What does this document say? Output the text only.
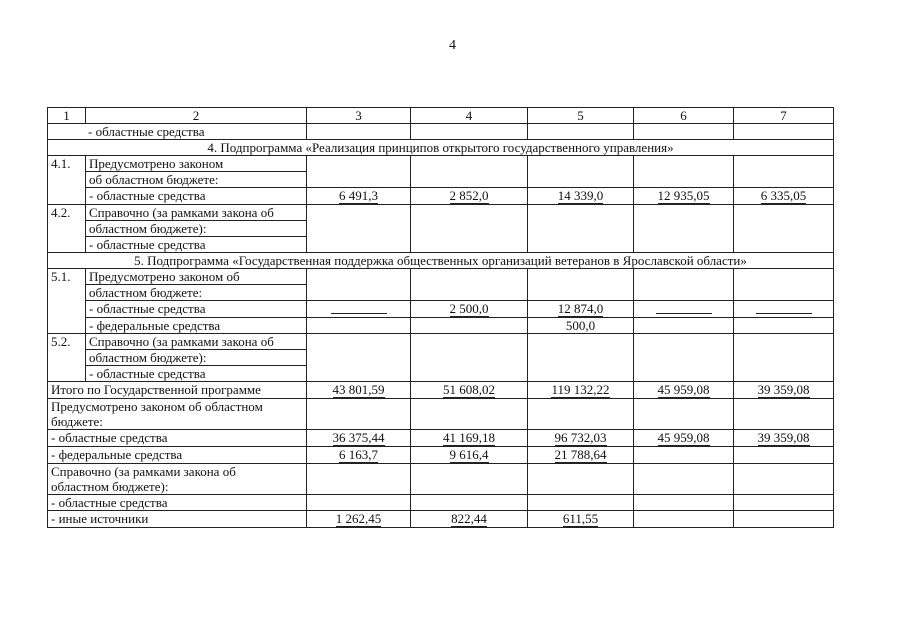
4
1	2	3	4	5	6	7
- областные средства						
4. Подпрограмма «Реализация принципов открытого государственного управления»						
4.1.	Предусмотрено законом					
	об областном бюджете:					
	- областные средства	6 491,3	2 852,0	14 339,0	12 935,05	6 335,05
4.2.	Справочно (за рамками закона об					
	областном бюджете):					
	- областные средства					
5. Подпрограмма «Государственная поддержка общественных организаций ветеранов в Ярославской области»						
5.1.	Предусмотрено законом об					
	областном бюджете:					
	- областные средства		2 500,0	12 874,0		
	- федеральные средства			500,0		
5.2.	Справочно (за рамками закона об					
	областном бюджете):					
	- областные средства					
Итого по Государственной программе		43 801,59	51 608,02	119 132,22	45 959,08	39 359,08

Предусмотрено законом об областном
бюджете:						

- областные средства		36 375,44	41 169,18	96 732,03	45 959,08	39 359,08
- федеральные средства		6 163,7	9 616,4	21 788,64		

Справочно (за рамками закона об
областном бюджете):						

- областные средства						
- иные источники		1 262,45	822,44	611,55		
